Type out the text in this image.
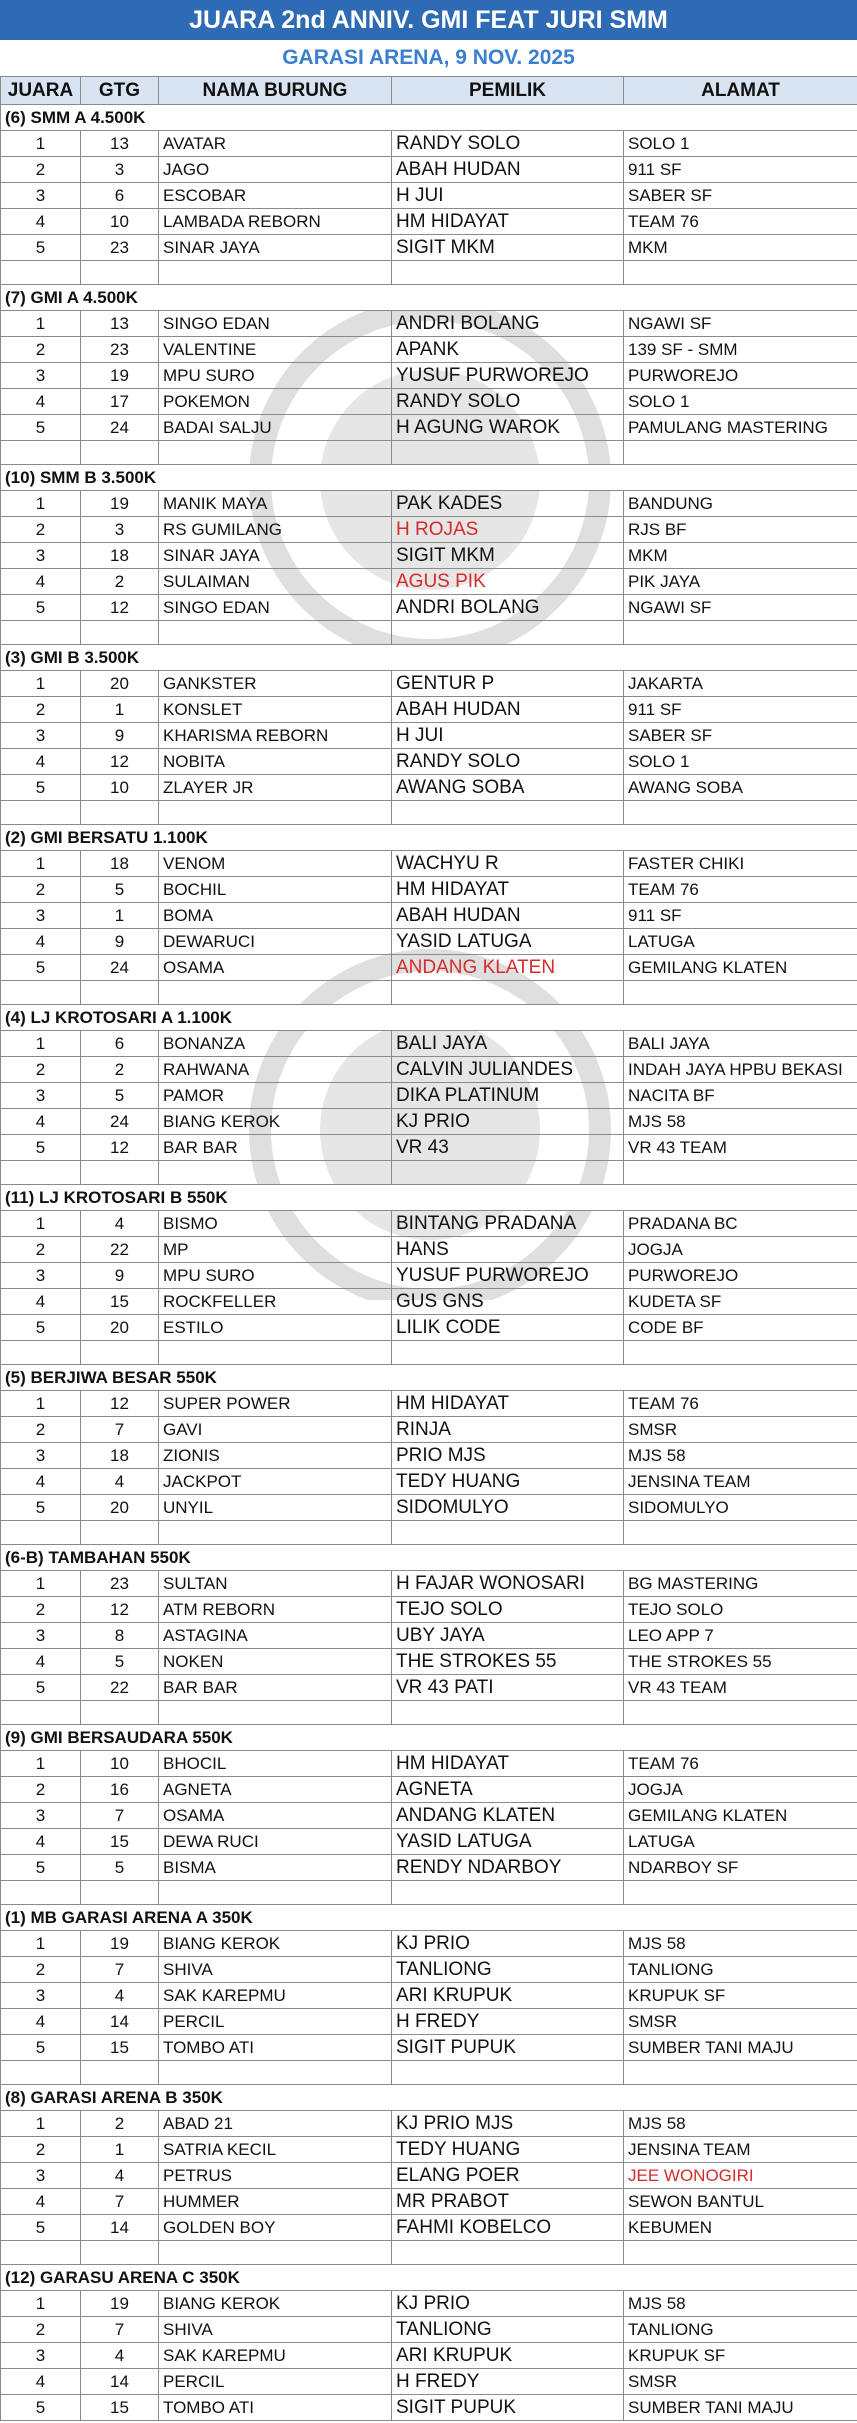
JUARA 2nd ANNIV. GMI FEAT JURI SMM
GARASI ARENA, 9 NOV. 2025
JUARA	GTG	NAMA BURUNG	PEMILIK	ALAMAT
(6) SMM A 4.500K				
1	13	AVATAR	RANDY SOLO	SOLO 1
2	3	JAGO	ABAH HUDAN	911 SF
3	6	ESCOBAR	H JUI	SABER SF
4	10	LAMBADA REBORN	HM HIDAYAT	TEAM 76
5	23	SINAR JAYA	SIGIT MKM	MKM

(7) GMI A 4.500K				
1	13	SINGO EDAN	ANDRI BOLANG	NGAWI SF
2	23	VALENTINE	APANK	139 SF - SMM
3	19	MPU SURO	YUSUF PURWOREJO	PURWOREJO
4	17	POKEMON	RANDY SOLO	SOLO 1
5	24	BADAI SALJU	H AGUNG WAROK	PAMULANG MASTERING

(10) SMM B 3.500K				
1	19	MANIK MAYA	PAK KADES	BANDUNG
2	3	RS GUMILANG	H ROJAS	RJS BF
3	18	SINAR JAYA	SIGIT MKM	MKM
4	2	SULAIMAN	AGUS PIK	PIK JAYA
5	12	SINGO EDAN	ANDRI BOLANG	NGAWI SF

(3) GMI B 3.500K				
1	20	GANKSTER	GENTUR P	JAKARTA
2	1	KONSLET	ABAH HUDAN	911 SF
3	9	KHARISMA REBORN	H JUI	SABER SF
4	12	NOBITA	RANDY SOLO	SOLO 1
5	10	ZLAYER JR	AWANG SOBA	AWANG SOBA

(2) GMI BERSATU 1.100K				
1	18	VENOM	WACHYU R	FASTER CHIKI
2	5	BOCHIL	HM HIDAYAT	TEAM 76
3	1	BOMA	ABAH HUDAN	911 SF
4	9	DEWARUCI	YASID LATUGA	LATUGA
5	24	OSAMA	ANDANG KLATEN	GEMILANG KLATEN

(4) LJ KROTOSARI A 1.100K				
1	6	BONANZA	BALI JAYA	BALI JAYA
2	2	RAHWANA	CALVIN JULIANDES	INDAH JAYA HPBU BEKASI
3	5	PAMOR	DIKA PLATINUM	NACITA BF
4	24	BIANG KEROK	KJ PRIO	MJS 58
5	12	BAR BAR	VR 43	VR 43 TEAM

(11) LJ KROTOSARI B 550K				
1	4	BISMO	BINTANG PRADANA	PRADANA BC
2	22	MP	HANS	JOGJA
3	9	MPU SURO	YUSUF PURWOREJO	PURWOREJO
4	15	ROCKFELLER	GUS GNS	KUDETA SF
5	20	ESTILO	LILIK CODE	CODE BF

(5) BERJIWA BESAR 550K				
1	12	SUPER POWER	HM HIDAYAT	TEAM 76
2	7	GAVI	RINJA	SMSR
3	18	ZIONIS	PRIO MJS	MJS 58
4	4	JACKPOT	TEDY HUANG	JENSINA TEAM
5	20	UNYIL	SIDOMULYO	SIDOMULYO

(6-B) TAMBAHAN 550K				
1	23	SULTAN	H FAJAR WONOSARI	BG MASTERING
2	12	ATM REBORN	TEJO SOLO	TEJO SOLO
3	8	ASTAGINA	UBY JAYA	LEO APP 7
4	5	NOKEN	THE STROKES 55	THE STROKES 55
5	22	BAR BAR	VR 43 PATI	VR 43 TEAM

(9) GMI BERSAUDARA 550K				
1	10	BHOCIL	HM HIDAYAT	TEAM 76
2	16	AGNETA	AGNETA	JOGJA
3	7	OSAMA	ANDANG KLATEN	GEMILANG KLATEN
4	15	DEWA RUCI	YASID LATUGA	LATUGA
5	5	BISMA	RENDY NDARBOY	NDARBOY SF

(1) MB GARASI ARENA A 350K				
1	19	BIANG KEROK	KJ PRIO	MJS 58
2	7	SHIVA	TANLIONG	TANLIONG
3	4	SAK KAREPMU	ARI KRUPUK	KRUPUK SF
4	14	PERCIL	H FREDY	SMSR
5	15	TOMBO ATI	SIGIT PUPUK	SUMBER TANI MAJU

(8) GARASI ARENA B 350K				
1	2	ABAD 21	KJ PRIO MJS	MJS 58
2	1	SATRIA KECIL	TEDY HUANG	JENSINA TEAM
3	4	PETRUS	ELANG POER	JEE WONOGIRI
4	7	HUMMER	MR PRABOT	SEWON BANTUL
5	14	GOLDEN BOY	FAHMI KOBELCO	KEBUMEN

(12) GARASU ARENA C 350K				
1	19	BIANG KEROK	KJ PRIO	MJS 58
2	7	SHIVA	TANLIONG	TANLIONG
3	4	SAK KAREPMU	ARI KRUPUK	KRUPUK SF
4	14	PERCIL	H FREDY	SMSR
5	15	TOMBO ATI	SIGIT PUPUK	SUMBER TANI MAJU
